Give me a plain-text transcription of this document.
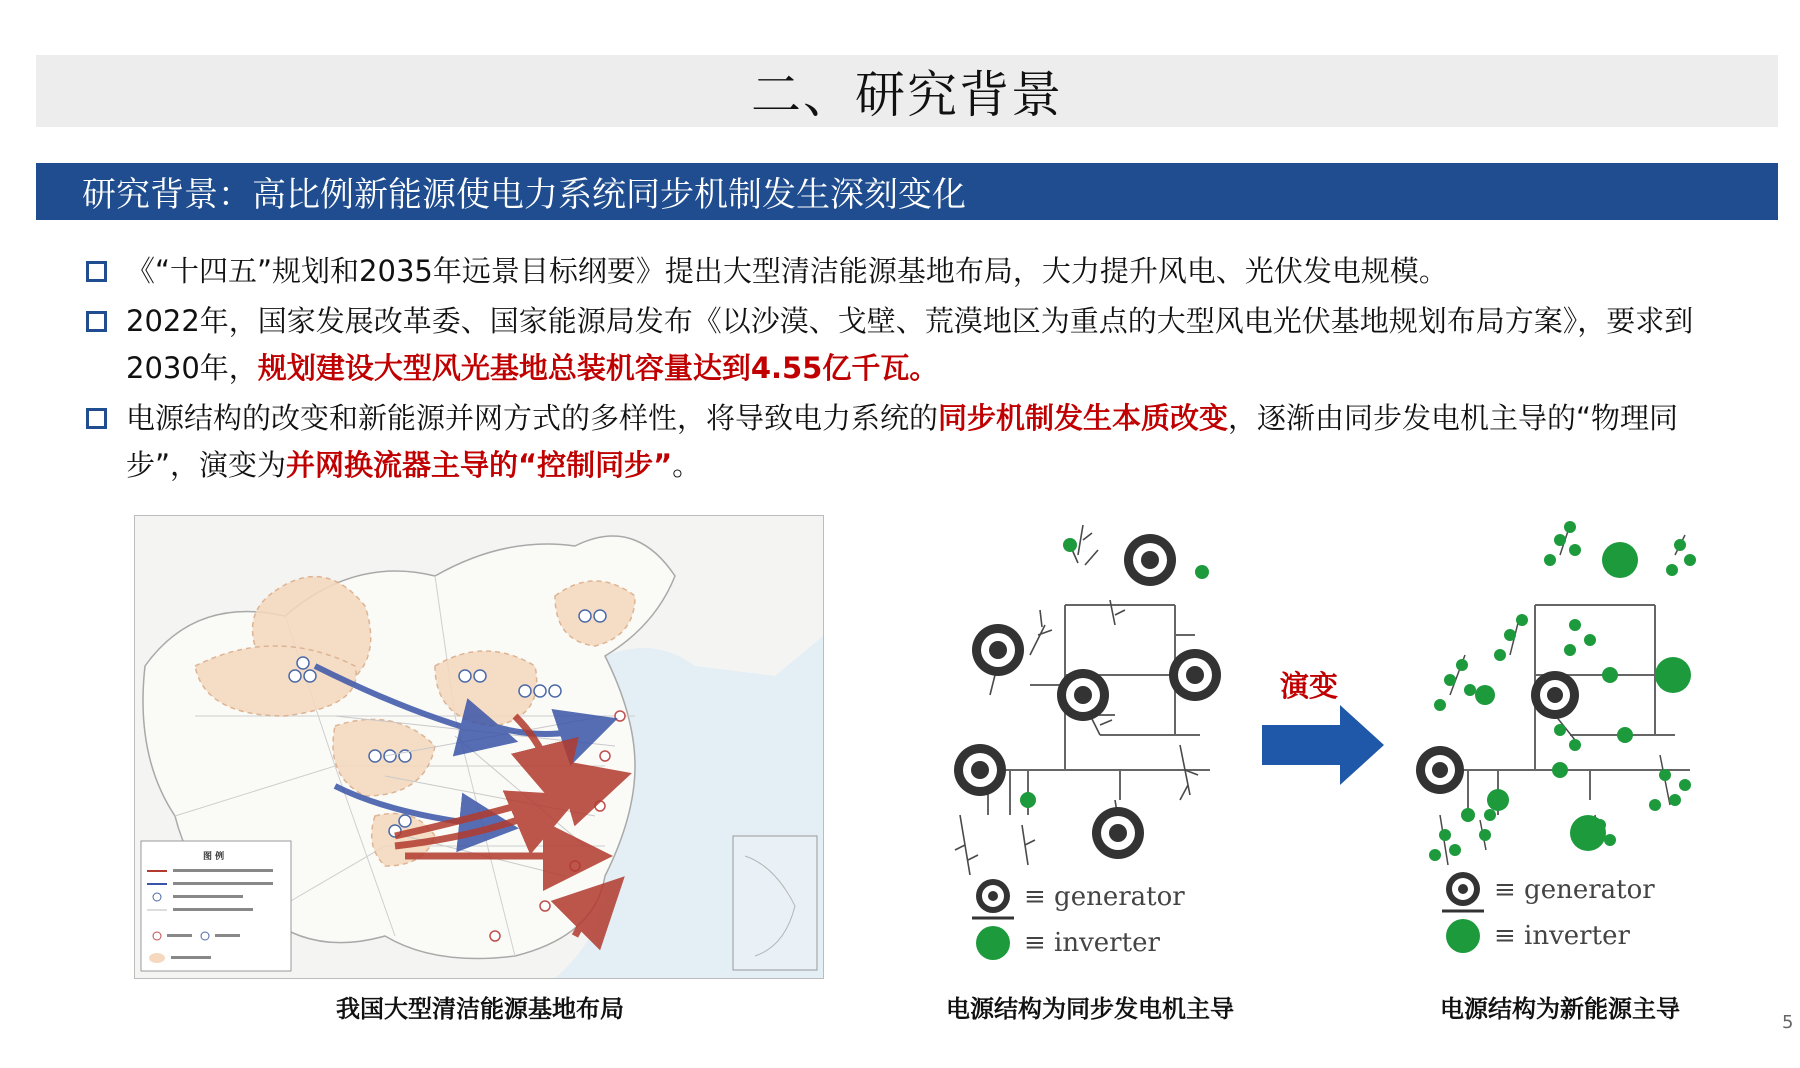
二、研究背景
研究背景：高比例新能源使电力系统同步机制发生深刻变化
《“十四五”规划和2035年远景目标纲要》提出大型清洁能源基地布局，大力提升风电、光伏发电规模。
2022年，国家发展改革委、国家能源局发布《以沙漠、戈壁、荒漠地区为重点的大型风电光伏基地规划布局方案》，要求到2030年，规划建设大型风光基地总装机容量达到4.55亿千瓦。
电源结构的改变和新能源并网方式的多样性，将导致电力系统的同步机制发生本质改变，逐渐由同步发电机主导的“物理同步”，演变为并网换流器主导的“控制同步”。
图 例
我国大型清洁能源基地布局
≡ generator
≡ inverter
电源结构为同步发电机主导
演变
≡ generator
≡ inverter
电源结构为新能源主导	5
